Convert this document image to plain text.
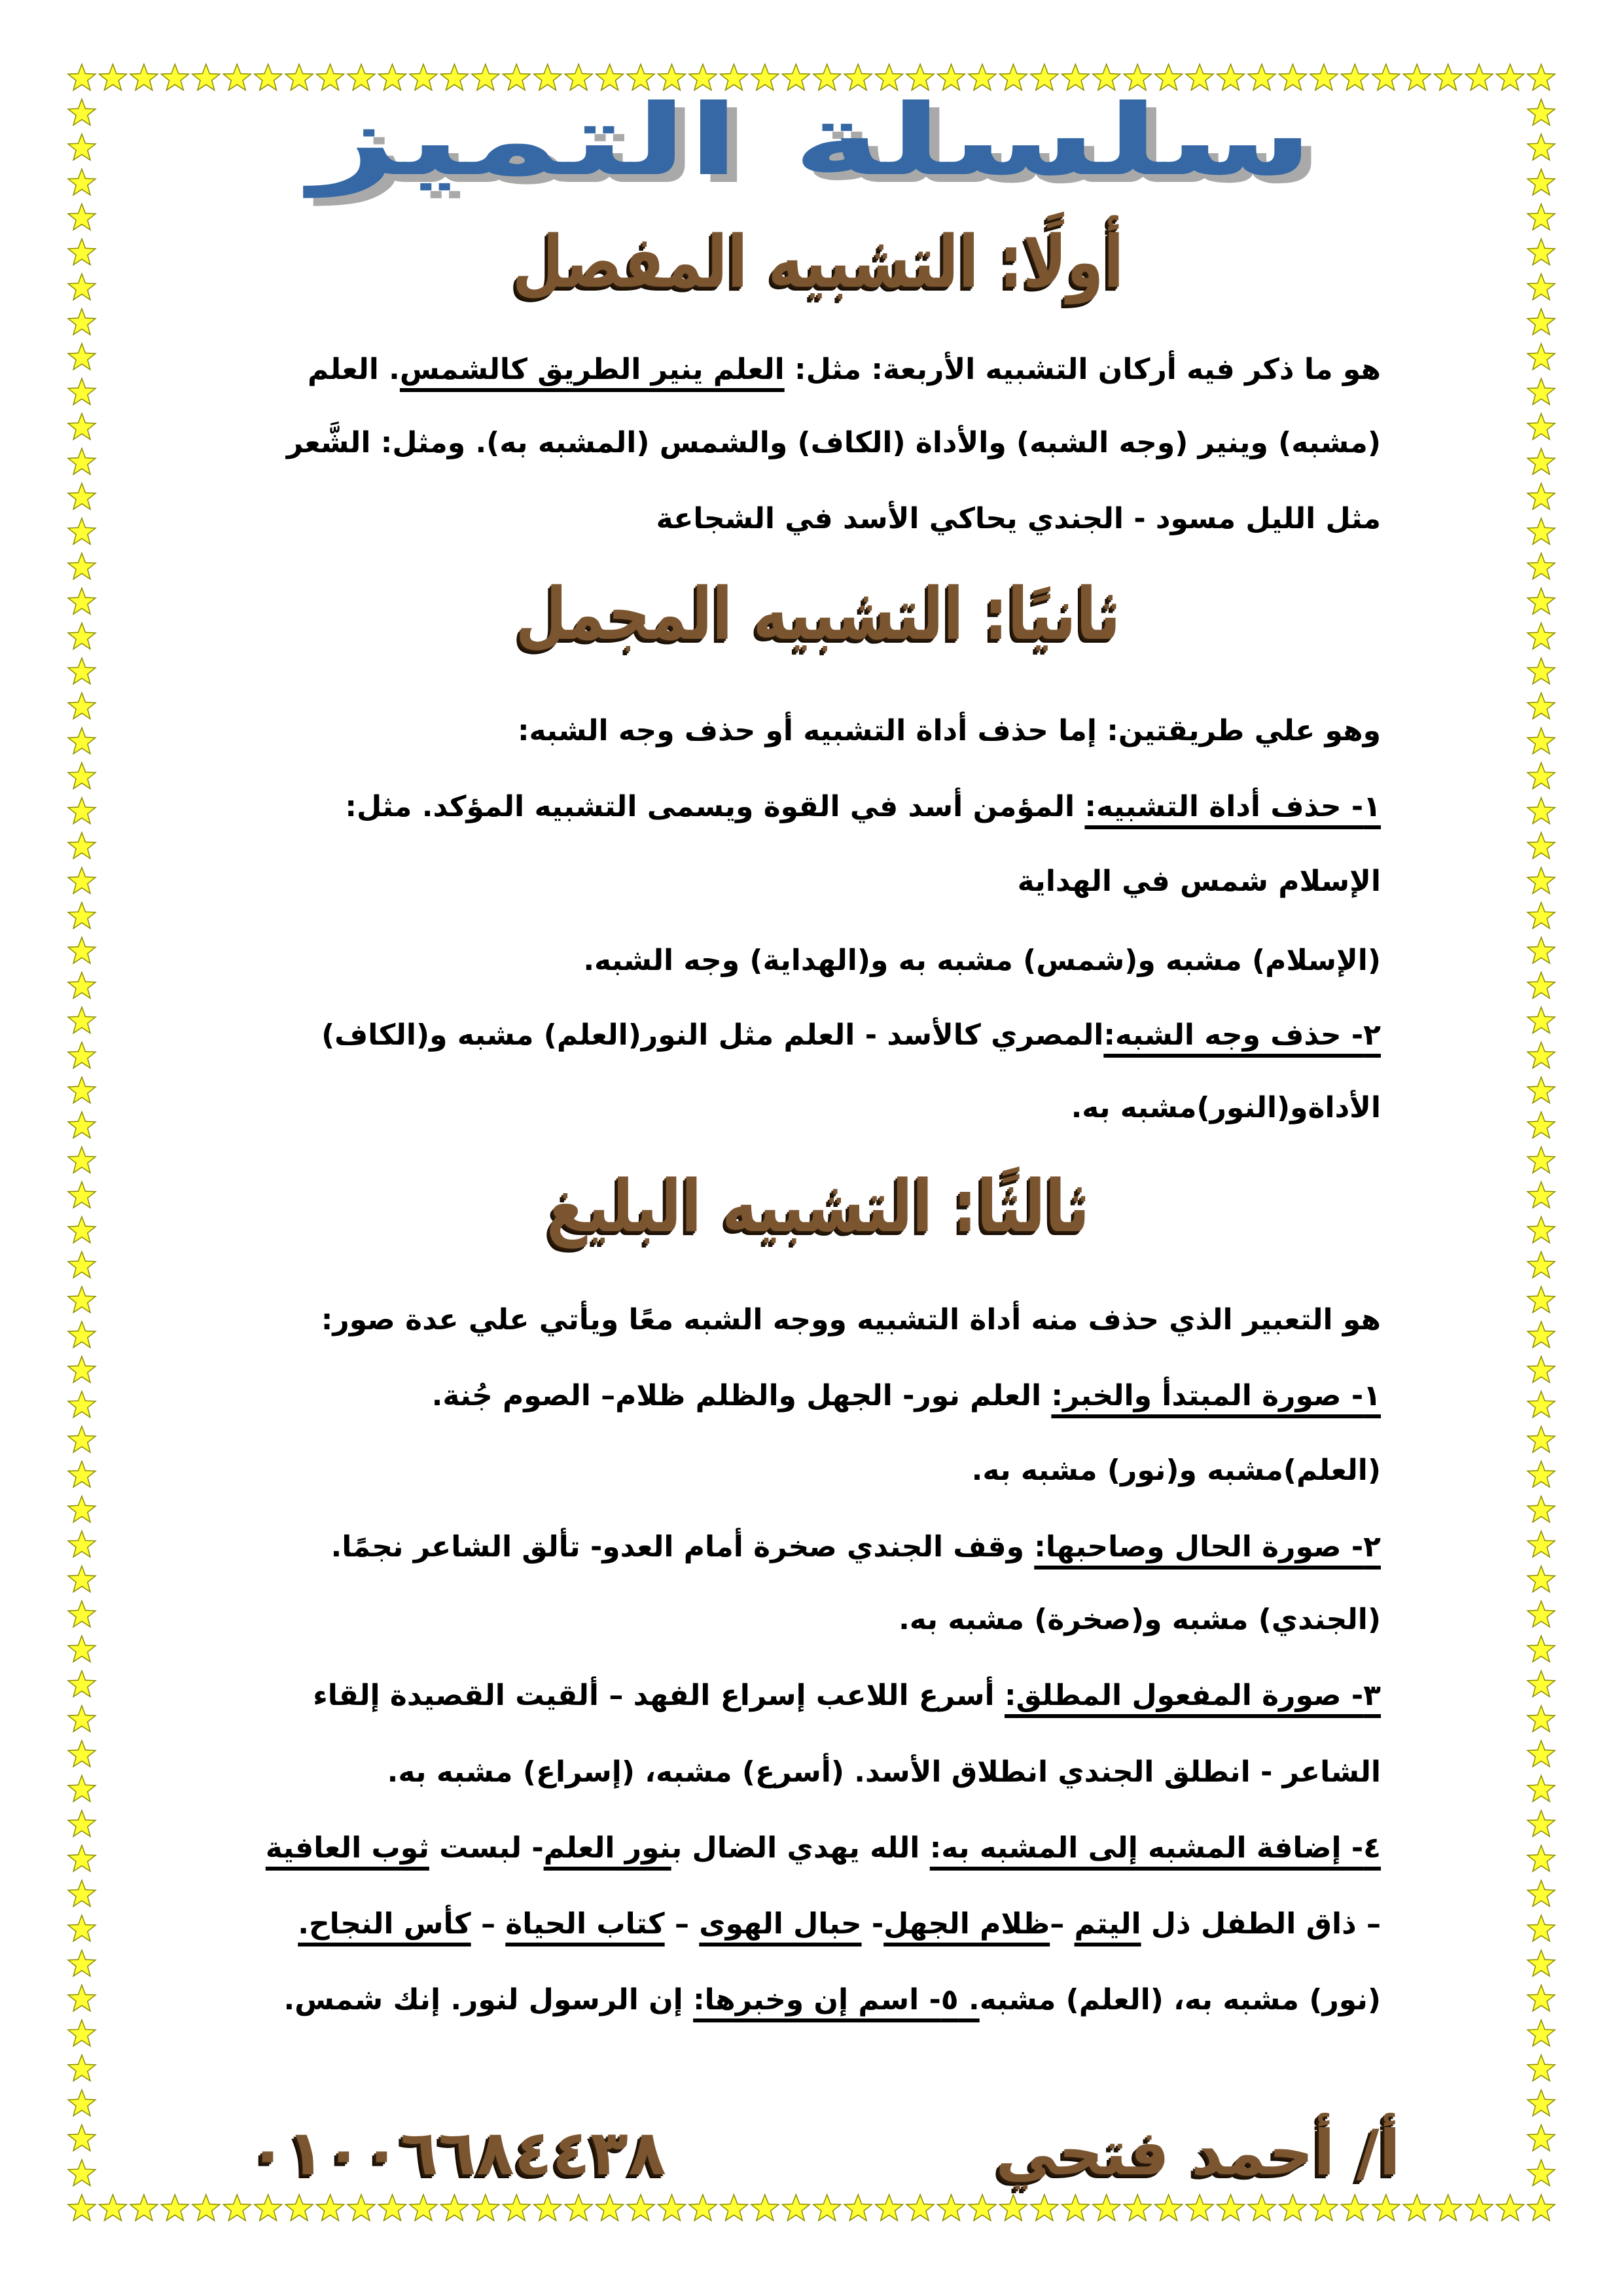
سلسلة التميز
أولًا: التشبيه المفصل
هو ما ذكر فيه أركان التشبيه الأربعة: مثل: العلم ينير الطريق كالشمس. العلم
(مشبه) وينير (وجه الشبه) والأداة (الكاف) والشمس (المشبه به). ومثل: الشَّعر
مثل الليل مسود - الجندي يحاكي الأسد في الشجاعة
ثانيًا: التشبيه المجمل
وهو علي طريقتين: إما حذف أداة التشبيه أو حذف وجه الشبه:
١- حذف أداة التشبيه: المؤمن أسد في القوة ويسمى التشبيه المؤكد. مثل:
الإسلام شمس في الهداية
(الإسلام) مشبه و(شمس) مشبه به و(الهداية) وجه الشبه.
٢- حذف وجه الشبه:المصري كالأسد - العلم مثل النور(العلم) مشبه و(الكاف)
الأداةو(النور)مشبه به.
ثالثًا: التشبيه البليغ
هو التعبير الذي حذف منه أداة التشبيه ووجه الشبه معًا ويأتي علي عدة صور:
١- صورة المبتدأ والخبر: العلم نور- الجهل والظلم ظلام– الصوم جُنة.
(العلم)مشبه و(نور) مشبه به.
٢- صورة الحال وصاحبها: وقف الجندي صخرة أمام العدو- تألق الشاعر نجمًا.
(الجندي) مشبه و(صخرة) مشبه به.
٣- صورة المفعول المطلق: أسرع اللاعب إسراع الفهد – ألقيت القصيدة إلقاء
الشاعر - انطلق الجندي انطلاق الأسد. (أسرع) مشبه، (إسراع) مشبه به.
٤- إضافة المشبه إلى المشبه به: الله يهدي الضال بنور العلم- لبست ثوب العافية
– ذاق الطفل ذل اليتم –ظلام الجهل- حبال الهوى – كتاب الحياة – كأس النجاح.
(نور) مشبه به، (العلم) مشبه. ٥- اسم إن وخبرها: إن الرسول لنور. إنك شمس.
أ/ أحمد فتحي
٠١٠٠٦٦٨٤٤٣٨
